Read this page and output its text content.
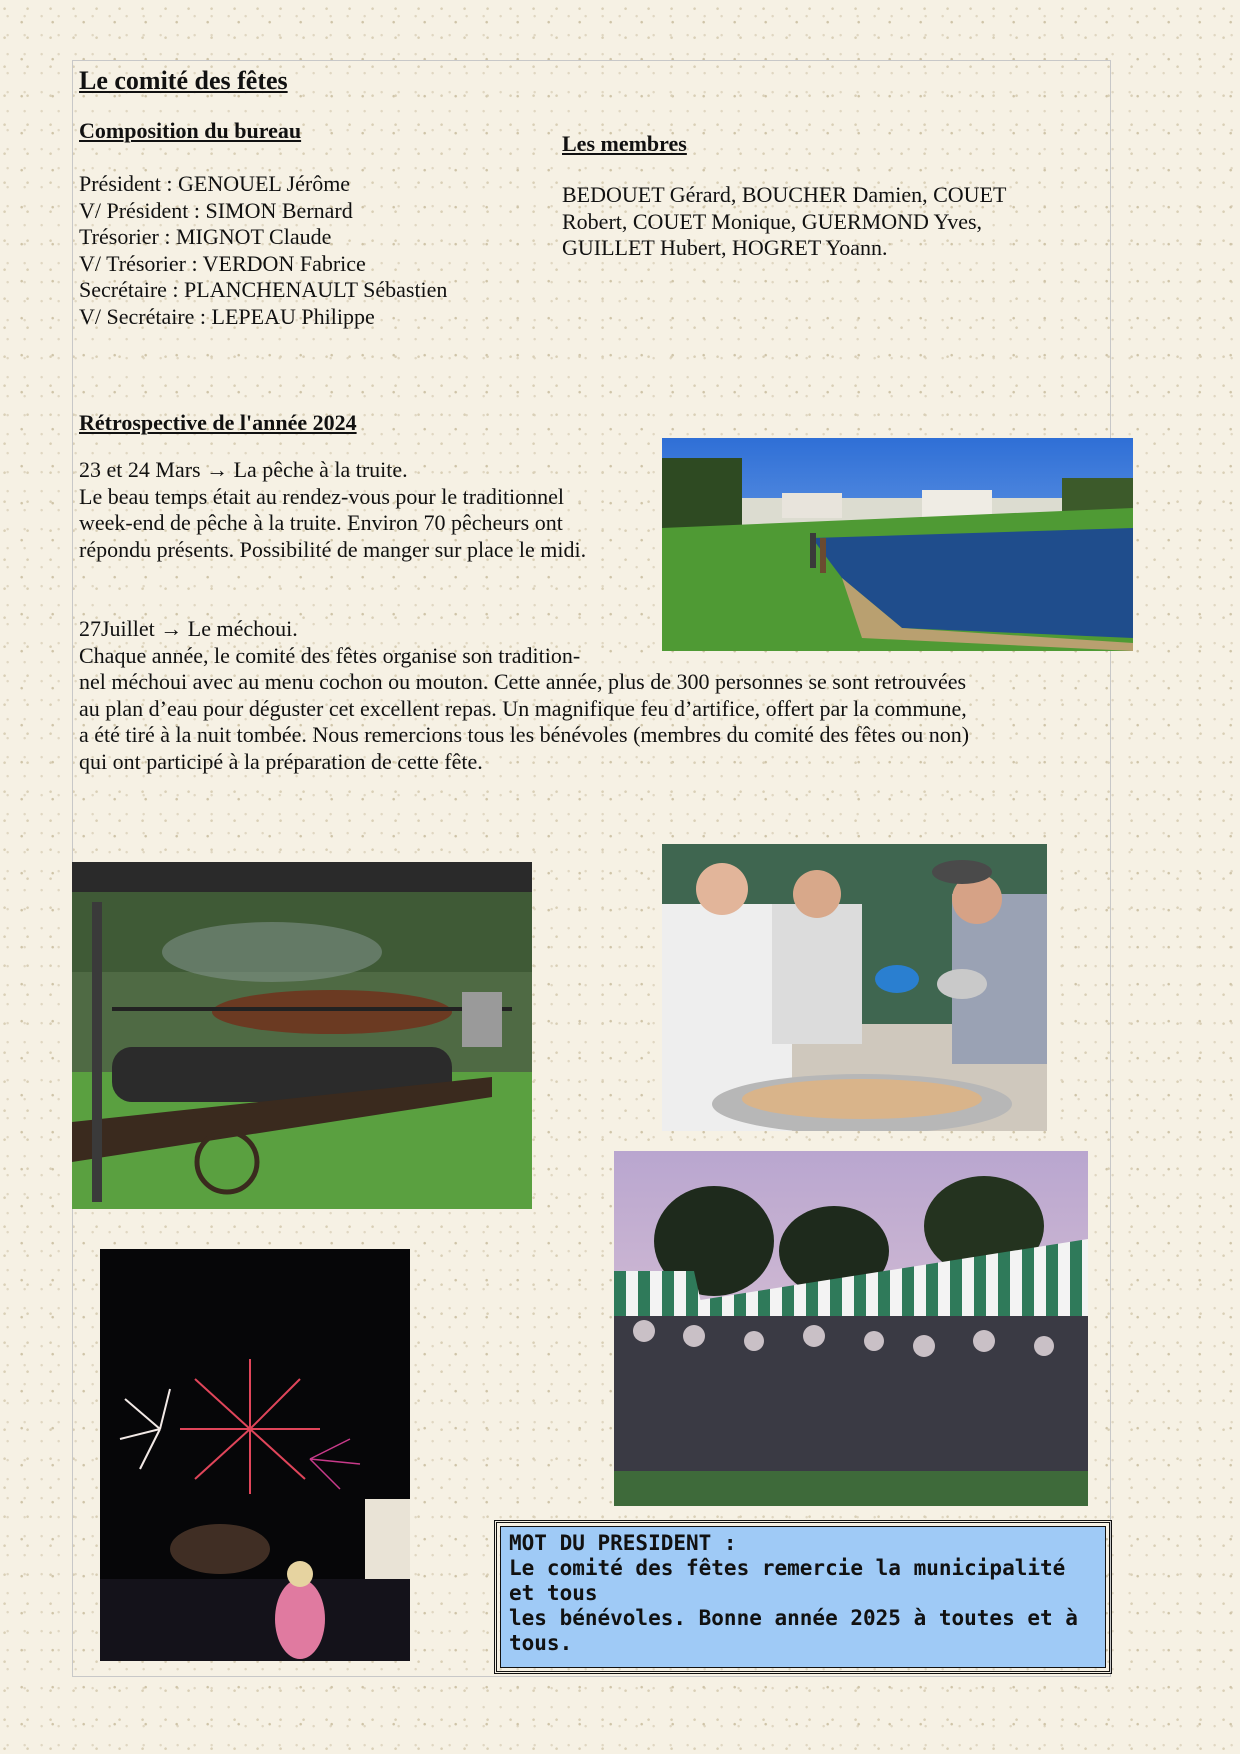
Le comité des fêtes
Composition du bureau
Président : GENOUEL Jérôme
V/ Président : SIMON Bernard
Trésorier : MIGNOT Claude
V/ Trésorier : VERDON Fabrice
Secrétaire : PLANCHENAULT Sébastien
V/ Secrétaire : LEPEAU Philippe
Les membres
BEDOUET Gérard, BOUCHER Damien, COUET
Robert, COUET Monique, GUERMOND Yves,
GUILLET Hubert, HOGRET Yoann.
Rétrospective de l'année 2024
23 et 24 Mars → La pêche à la truite.
Le beau temps était au rendez-vous pour le traditionnel
week-end de pêche à la truite. Environ 70 pêcheurs ont
répondu présents. Possibilité de manger sur place le midi.
27Juillet → Le méchoui.
Chaque année, le comité des fêtes organise son tradition-
nel méchoui avec au menu cochon ou mouton. Cette année, plus de 300 personnes se sont retrouvées
au plan d’eau pour déguster cet excellent repas. Un magnifique feu d’artifice, offert par la commune,
a été tiré à la nuit tombée. Nous remercions tous les bénévoles (membres du comité des fêtes ou non)
qui ont participé à la préparation de cette fête.
MOT DU PRESIDENT :
Le comité des fêtes remercie la municipalité et tous
les bénévoles. Bonne année 2025 à toutes et à tous.
